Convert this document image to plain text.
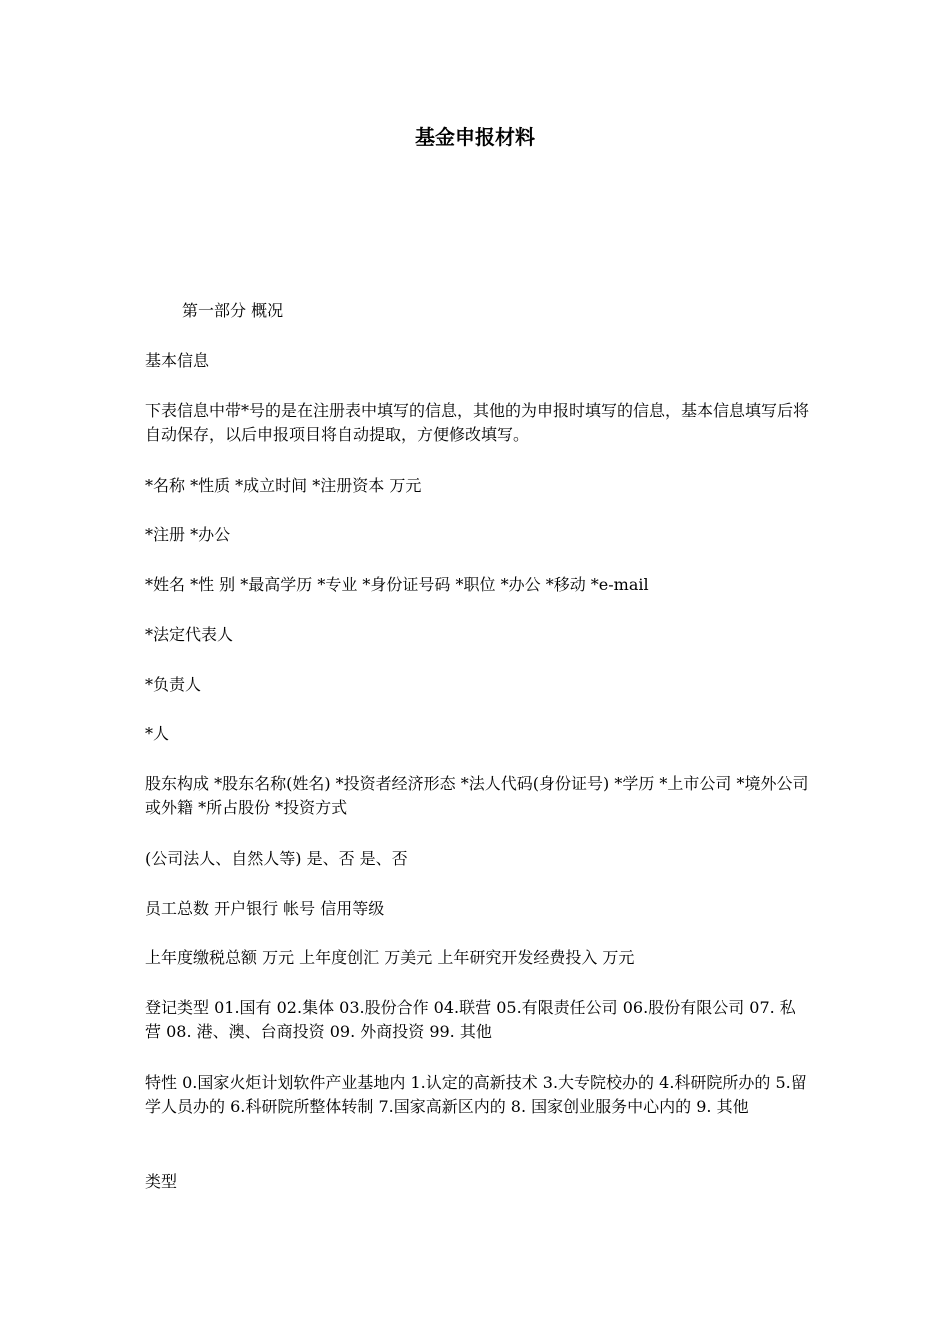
基金申报材料
第一部分 概况
基本信息
下表信息中带*号的是在注册表中填写的信息，其他的为申报时填写的信息，基本信息填写后将自动保存，以后申报项目将自动提取，方便修改填写。
*名称 *性质 *成立时间 *注册资本 万元
*注册 *办公
*姓名 *性 别 *最高学历 *专业 *身份证号码 *职位 *办公 *移动 *e-mail
*法定代表人
*负责人
*人
股东构成 *股东名称(姓名) *投资者经济形态 *法人代码(身份证号) *学历 *上市公司 *境外公司或外籍 *所占股份 *投资方式
(公司法人、自然人等) 是、否 是、否
员工总数 开户银行 帐号 信用等级
上年度缴税总额 万元 上年度创汇 万美元 上年研究开发经费投入 万元
登记类型 01.国有 02.集体 03.股份合作 04.联营 05.有限责任公司 06.股份有限公司 07. 私营 08. 港、澳、台商投资 09. 外商投资 99. 其他
特性 0.国家火炬计划软件产业基地内 1.认定的高新技术 3.大专院校办的 4.科研院所办的 5.留学人员办的 6.科研院所整体转制 7.国家高新区内的 8. 国家创业服务中心内的 9. 其他
类型
